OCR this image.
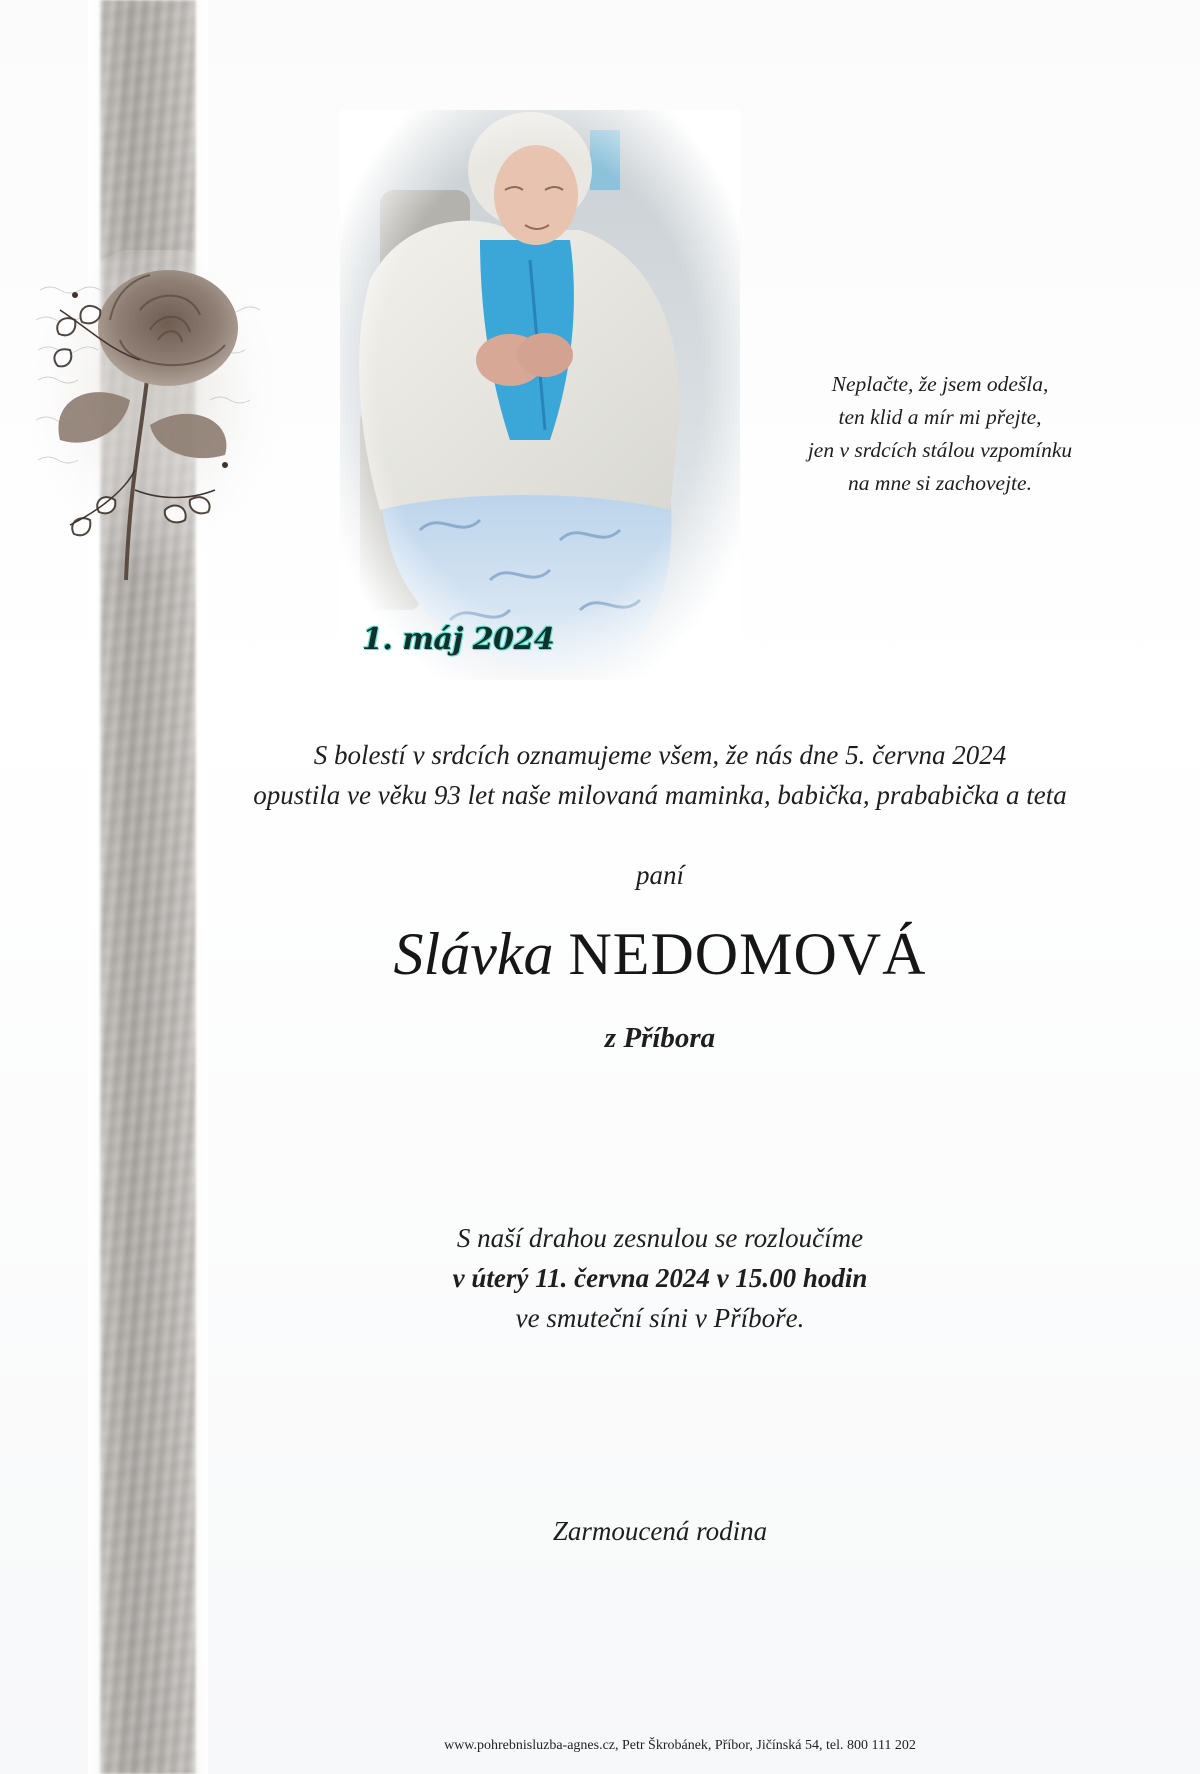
1. máj 2024
Neplačte, že jsem odešla,
ten klid a mír mi přejte,
jen v srdcích stálou vzpomínku
na mne si zachovejte.
S bolestí v srdcích oznamujeme všem, že nás dne 5. června 2024
opustila ve věku 93 let naše milovaná maminka, babička, prababička a teta
paní
Slávka NEDOMOVÁ
z Příbora
S naší drahou zesnulou se rozloučíme
v úterý 11. června 2024 v 15.00 hodin
ve smuteční síni v Příboře.
Zarmoucená rodina
www.pohrebnisluzba-agnes.cz, Petr Škrobánek, Příbor, Jičínská 54, tel. 800 111 202
